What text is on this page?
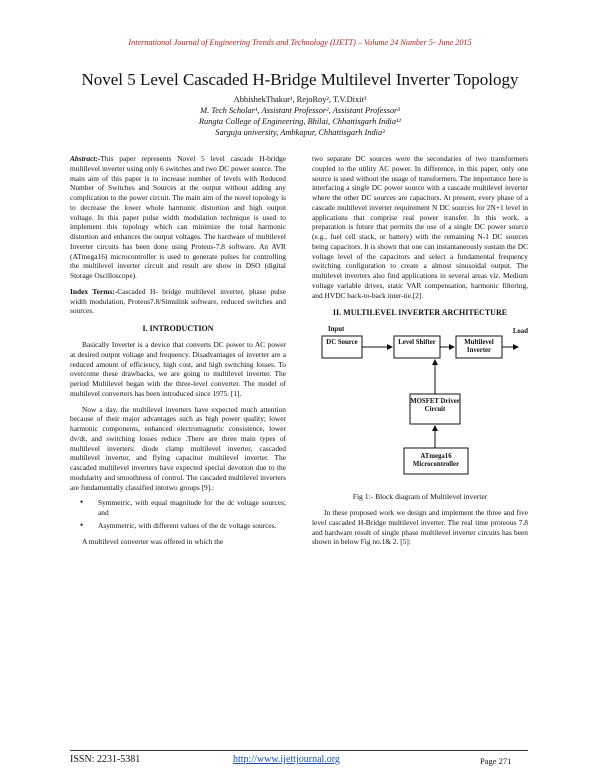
International Journal of Engineering Trends and Technology (IJETT) – Volume 24 Number 5- June 2015
Novel 5 Level Cascaded H-Bridge Multilevel Inverter Topology
AbhishekThakur¹, RejoRoy², T.V.Dixit³
M. Tech Scholar¹, Assistant Professor², Assistant Professor³
Rungta College of Engineering, Bhilai, Chhattisgarh India¹²
Sarguja university, Ambkapur, Chhattisgarh India³

Abstract:-This paper represents Novel 5 level cascade H-bridge multilevel inverter using only 6 switches and two DC power source. The main aim of this paper is to increase number of levels with Reduced Number of Switches and Sources at the output without adding any complication to the power circuit. The main aim of the novel topology is to decrease the lower whole harmonic distortion and high output voltage. In this paper pulse width modulation technique is used to implement this topology which can minimize the total harmonic distortion and enhances the output voltages. The hardware of multilevel Inverter circuits has been done using Proteus-7.8 software. An AVR (ATmega16) microcontroller is used to generate pulses for controlling the multilevel inverter circuit and result are show in DSO (digital Storage Oscilloscope).

Index Terms:-Cascaded H- bridge multilevel inverter, phase pulse width modulation, Proteus7.8/Simulink software, reduced switches and sources.

I. INTRODUCTION

Basically Inverter is a device that converts DC power to AC power at desired output voltage and frequency. Disadvantages of inverter are a reduced amount of efficiency, high cost, and high switching losses. To overcome these drawbacks, we are going to multilevel inverter. The period Multilevel began with the three-level converter. The model of multilevel converters has been introduced since 1975. [1].

Now a day, the multilevel inverters have expected much attention because of their major advantages such as high power quality; lower harmonic components, enhanced electromagnetic consistence, lower dv/dt, and switching losses reduce .There are three main types of multilevel inverters: diode clamp multilevel inverter, cascaded multilevel inverter, and flying capacitor multilevel inverter. The cascaded multilevel inverters have expected special devotion due to the modularity and smoothness of control. The cascaded multilevel inverters are fundamentally classified intotwo groups [9].:

• Symmetric, with equal magnitude for the dc voltage sources; and
• Asymmetric, with different values of the dc voltage sources.

A multilevel converter was offered in which the

two separate DC sources were the secondaries of two transformers coupled to the utility AC power. In difference, in this paper, only one source is used without the usage of transformers. The importance here is interfacing a single DC power source with a cascade multilevel inverter where the other DC sources are capacitors. At present, every phase of a cascade multilevel inverter requirement N DC sources for 2N+1 level in applications that comprise real power transfer. In this work, a preparation is future that permits the use of a single DC power source (e.g., fuel cell stack, or battery) with the remaining N-1 DC sources being capacitors. It is shown that one can instantaneously sustain the DC voltage level of the capacitors and select a fundamental frequency switching configuration to create a almost sinusoidal output. The multilevel inverters also find applications in several areas viz. Medium voltage variable drives, static VAR compensation, harmonic filtering, and HVDC back-to-back inter-tie.[2].

II. MULTILEVEL INVERTER ARCHITECTURE
Input
DC Source	Level Shifter	Multilevel Inverter
Load
MOSFET Driver Circuit
ATmega16 Microcontroller
Fig 1:- Block diagram of Multilevel inverter

In these proposed work we design and implement the three and five level cascaded H-Bridge multilevel inverter. The real time proteous 7.8 and hardware result of single phase multilevel inverter circuits has been shown in below Fig no.1& 2. [5]:

ISSN: 2231-5381	http://www.ijettjournal.org	Page 271
